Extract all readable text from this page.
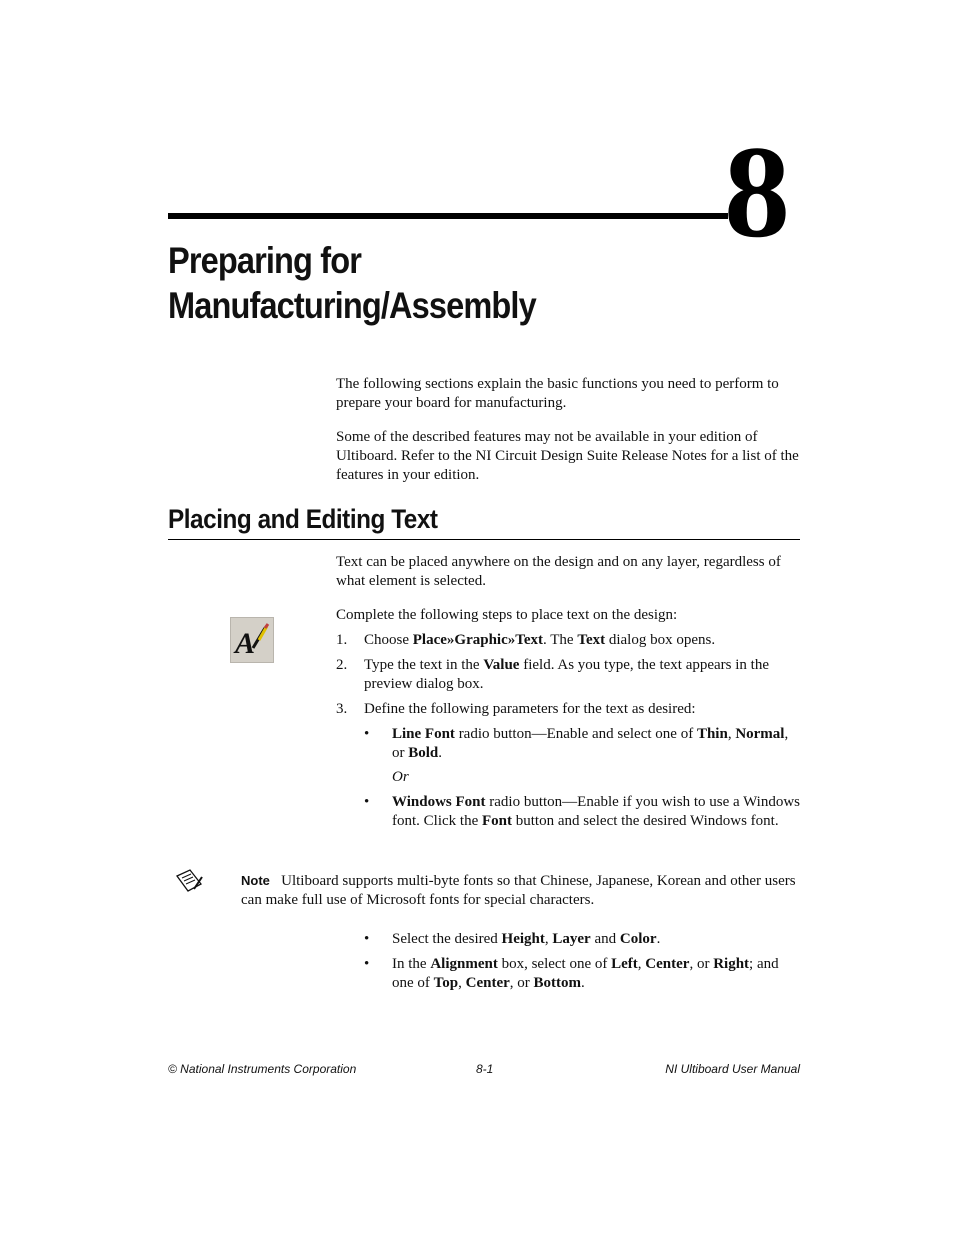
8
Preparing for
Manufacturing/Assembly
The following sections explain the basic functions you need to perform to prepare your board for manufacturing.
Some of the described features may not be available in your edition of Ultiboard. Refer to the NI Circuit Design Suite Release Notes for a list of the features in your edition.
Placing and Editing Text
Text can be placed anywhere on the design and on any layer, regardless of what element is selected.
A
Complete the following steps to place text on the design:
1. Choose Place»Graphic»Text. The Text dialog box opens.
2. Type the text in the Value field. As you type, the text appears in the preview dialog box.
3. Define the following parameters for the text as desired:
• Line Font radio button—Enable and select one of Thin, Normal, or Bold.
Or
• Windows Font radio button—Enable if you wish to use a Windows font. Click the Font button and select the desired Windows font.
Note Ultiboard supports multi-byte fonts so that Chinese, Japanese, Korean and other users can make full use of Microsoft fonts for special characters.
• Select the desired Height, Layer and Color.
• In the Alignment box, select one of Left, Center, or Right; and one of Top, Center, or Bottom.
© National Instruments Corporation	8-1	NI Ultiboard User Manual
